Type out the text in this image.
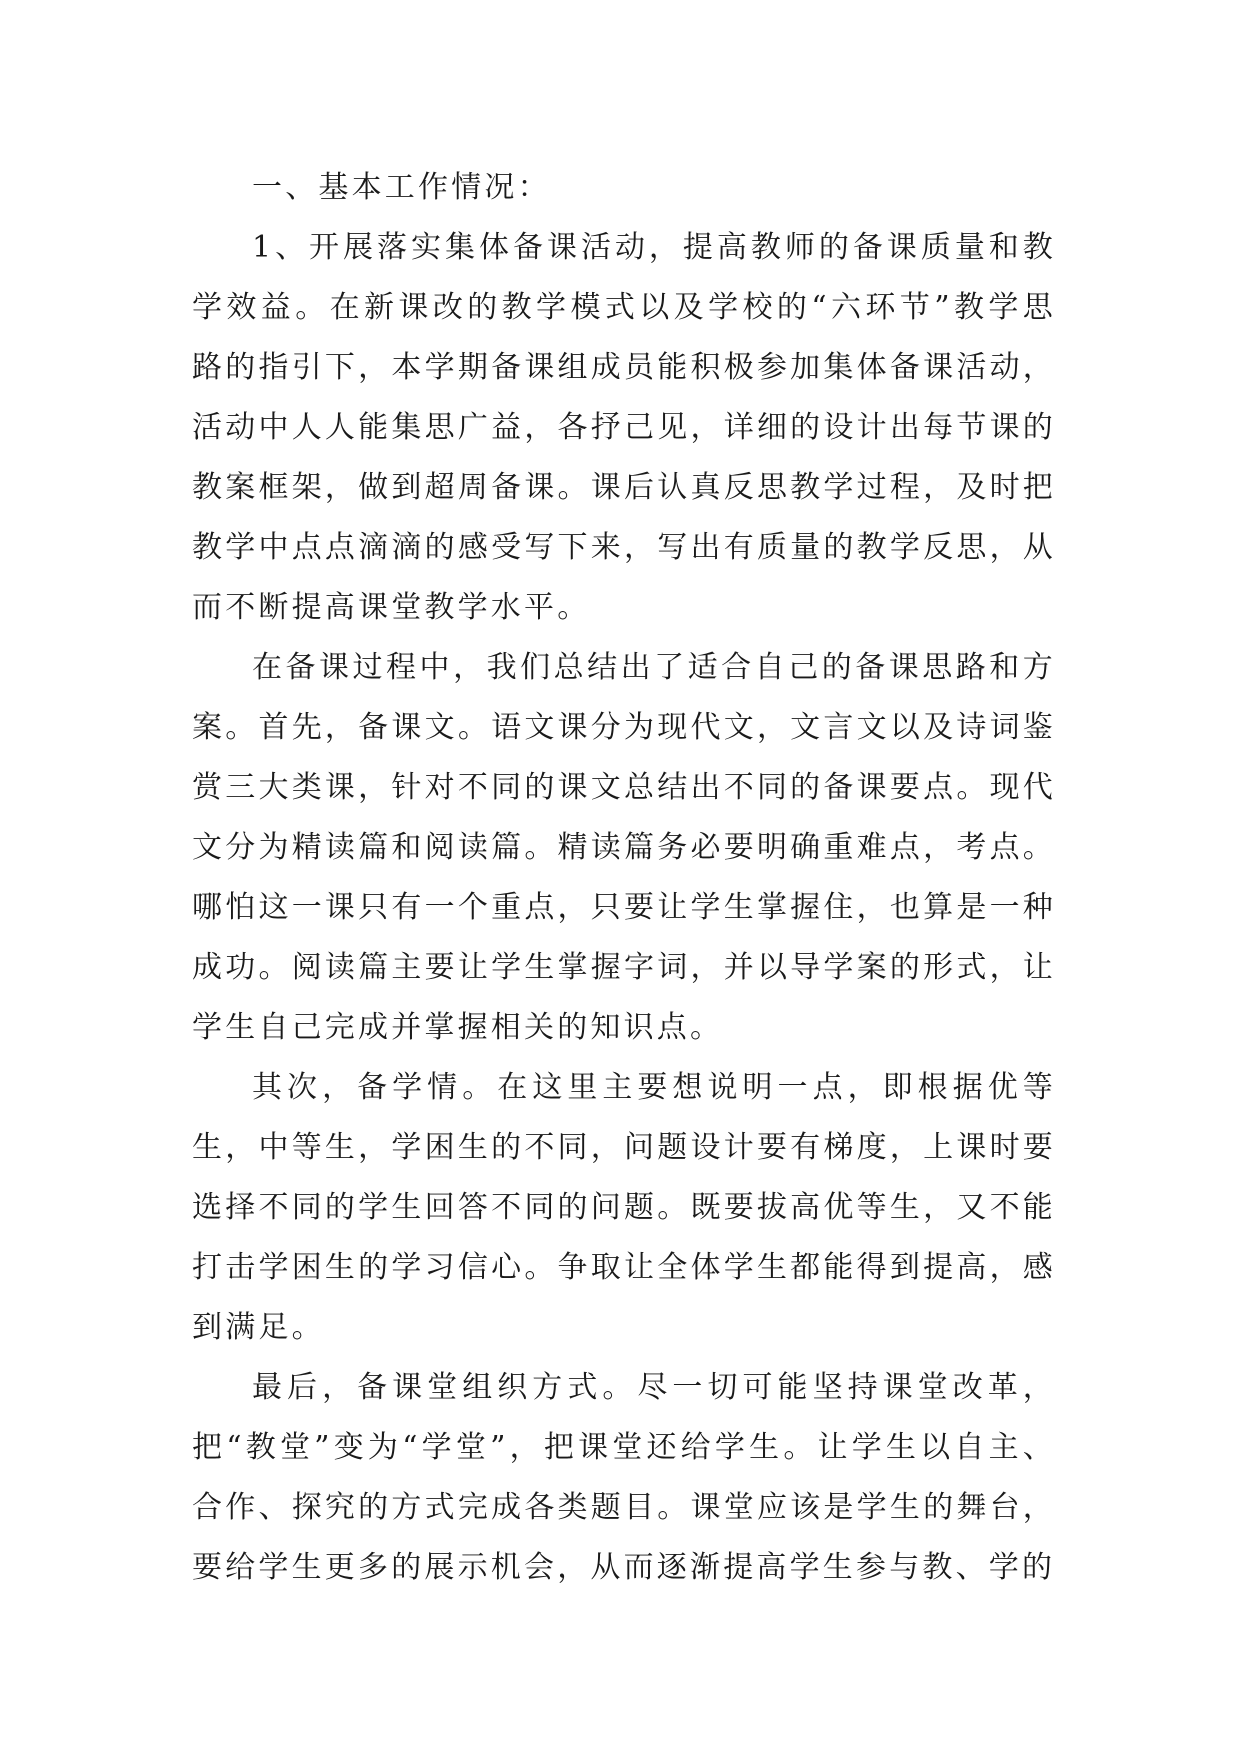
一、基本工作情况：

1、开展落实集体备课活动，提高教师的备课质量和教学效益。在新课改的教学模式以及学校的“六环节”教学思路的指引下，本学期备课组成员能积极参加集体备课活动，活动中人人能集思广益，各抒己见，详细的设计出每节课的教案框架，做到超周备课。课后认真反思教学过程，及时把教学中点点滴滴的感受写下来，写出有质量的教学反思，从而不断提高课堂教学水平。

在备课过程中，我们总结出了适合自己的备课思路和方案。首先，备课文。语文课分为现代文，文言文以及诗词鉴赏三大类课，针对不同的课文总结出不同的备课要点。现代文分为精读篇和阅读篇。精读篇务必要明确重难点，考点。哪怕这一课只有一个重点，只要让学生掌握住，也算是一种成功。阅读篇主要让学生掌握字词，并以导学案的形式，让学生自己完成并掌握相关的知识点。

其次，备学情。在这里主要想说明一点，即根据优等生，中等生，学困生的不同，问题设计要有梯度，上课时要选择不同的学生回答不同的问题。既要拔高优等生，又不能打击学困生的学习信心。争取让全体学生都能得到提高，感到满足。

最后，备课堂组织方式。尽一切可能坚持课堂改革，把“教堂”变为“学堂”，把课堂还给学生。让学生以自主、合作、探究的方式完成各类题目。课堂应该是学生的舞台，要给学生更多的展示机会，从而逐渐提高学生参与教、学的
